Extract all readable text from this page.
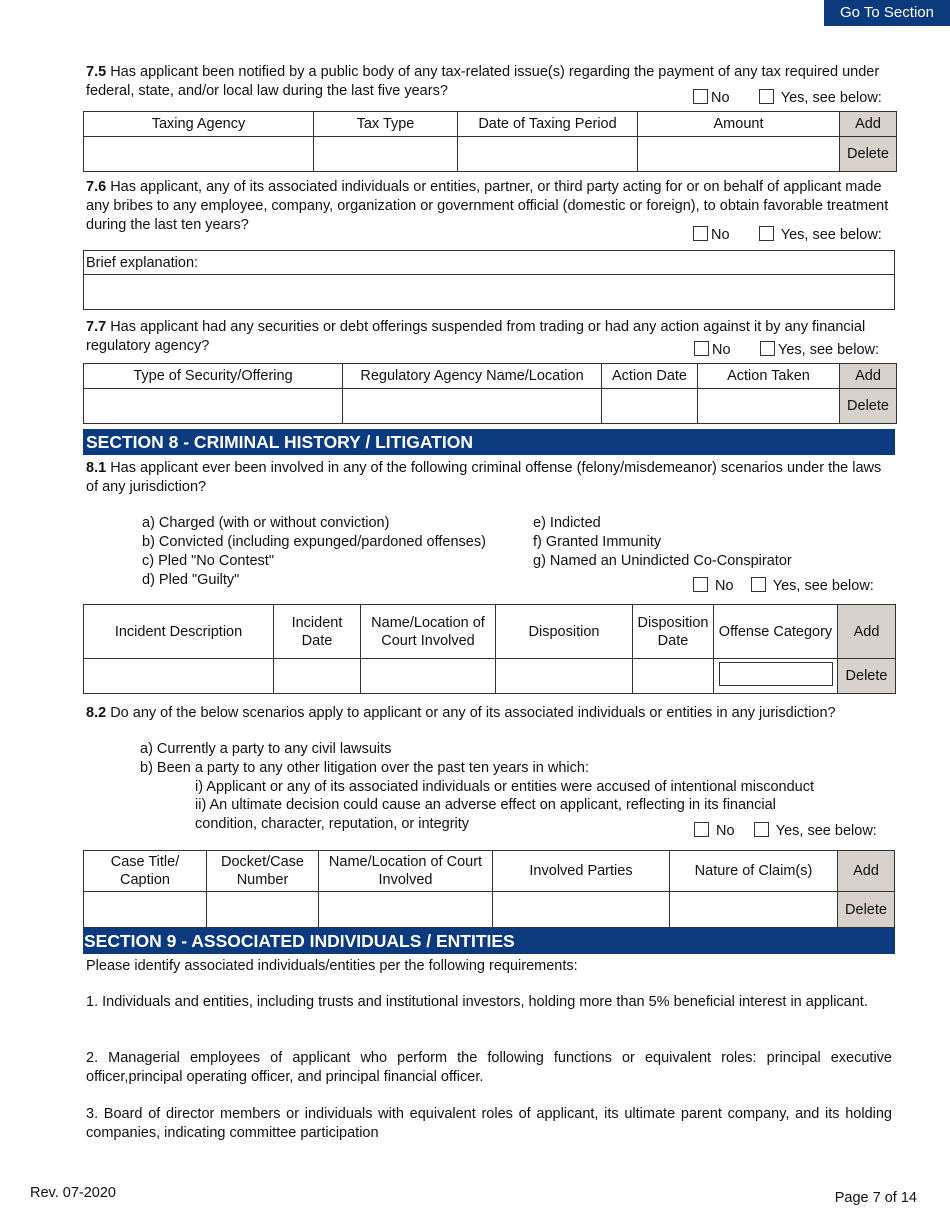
Go To Section
7.5 Has applicant been notified by a public body of any tax-related issue(s) regarding the payment of any tax required under federal, state, and/or local law during the last five years?	No	Yes, see below:
Taxing Agency	Tax Type	Date of Taxing Period	Amount	Add
				Delete
7.6 Has applicant, any of its associated individuals or entities, partner, or third party acting for or on behalf of applicant made any bribes to any employee, company, organization or government official (domestic or foreign), to obtain favorable treatment during the last ten years?
No	Yes, see below:
Brief explanation:

7.7 Has applicant had any securities or debt offerings suspended from trading or had any action against it by any financial regulatory agency?	No	Yes, see below:
Type of Security/Offering	Regulatory Agency Name/Location	Action Date	Action Taken	Add
				Delete
SECTION 8 - CRIMINAL HISTORY / LITIGATION
8.1 Has applicant ever been involved in any of the following criminal offense (felony/misdemeanor) scenarios under the laws of any jurisdiction?
a) Charged (with or without conviction)
b) Convicted (including expunged/pardoned offenses)
c) Pled "No Contest"
d) Pled "Guilty"
e) Indicted
f) Granted Immunity
g) Named an Unindicted Co-Conspirator
No	Yes, see below:
Incident Description	Incident Date	Name/Location of Court Involved	Disposition	Disposition Date	Offense Category	Add
						Delete
8.2 Do any of the below scenarios apply to applicant or any of its associated individuals or entities in any jurisdiction?
a) Currently a party to any civil lawsuits
b) Been a party to any other litigation over the past ten years in which:
i) Applicant or any of its associated individuals or entities were accused of intentional misconduct
ii) An ultimate decision could cause an adverse effect on applicant, reflecting in its financial
condition, character, reputation, or integrity	No	Yes, see below:
Case Title/ Caption	Docket/Case Number	Name/Location of Court Involved	Involved Parties	Nature of Claim(s)	Add
					Delete
SECTION 9 - ASSOCIATED INDIVIDUALS / ENTITIES
Please identify associated individuals/entities per the following requirements:
1. Individuals and entities, including trusts and institutional investors, holding more than 5% beneficial interest in applicant.
2. Managerial employees of applicant who perform the following functions or equivalent roles: principal executive officer,principal operating officer, and principal financial officer.
3. Board of director members or individuals with equivalent roles of applicant, its ultimate parent company, and its holding companies, indicating committee participation
Rev. 07-2020	Page 7 of 14
